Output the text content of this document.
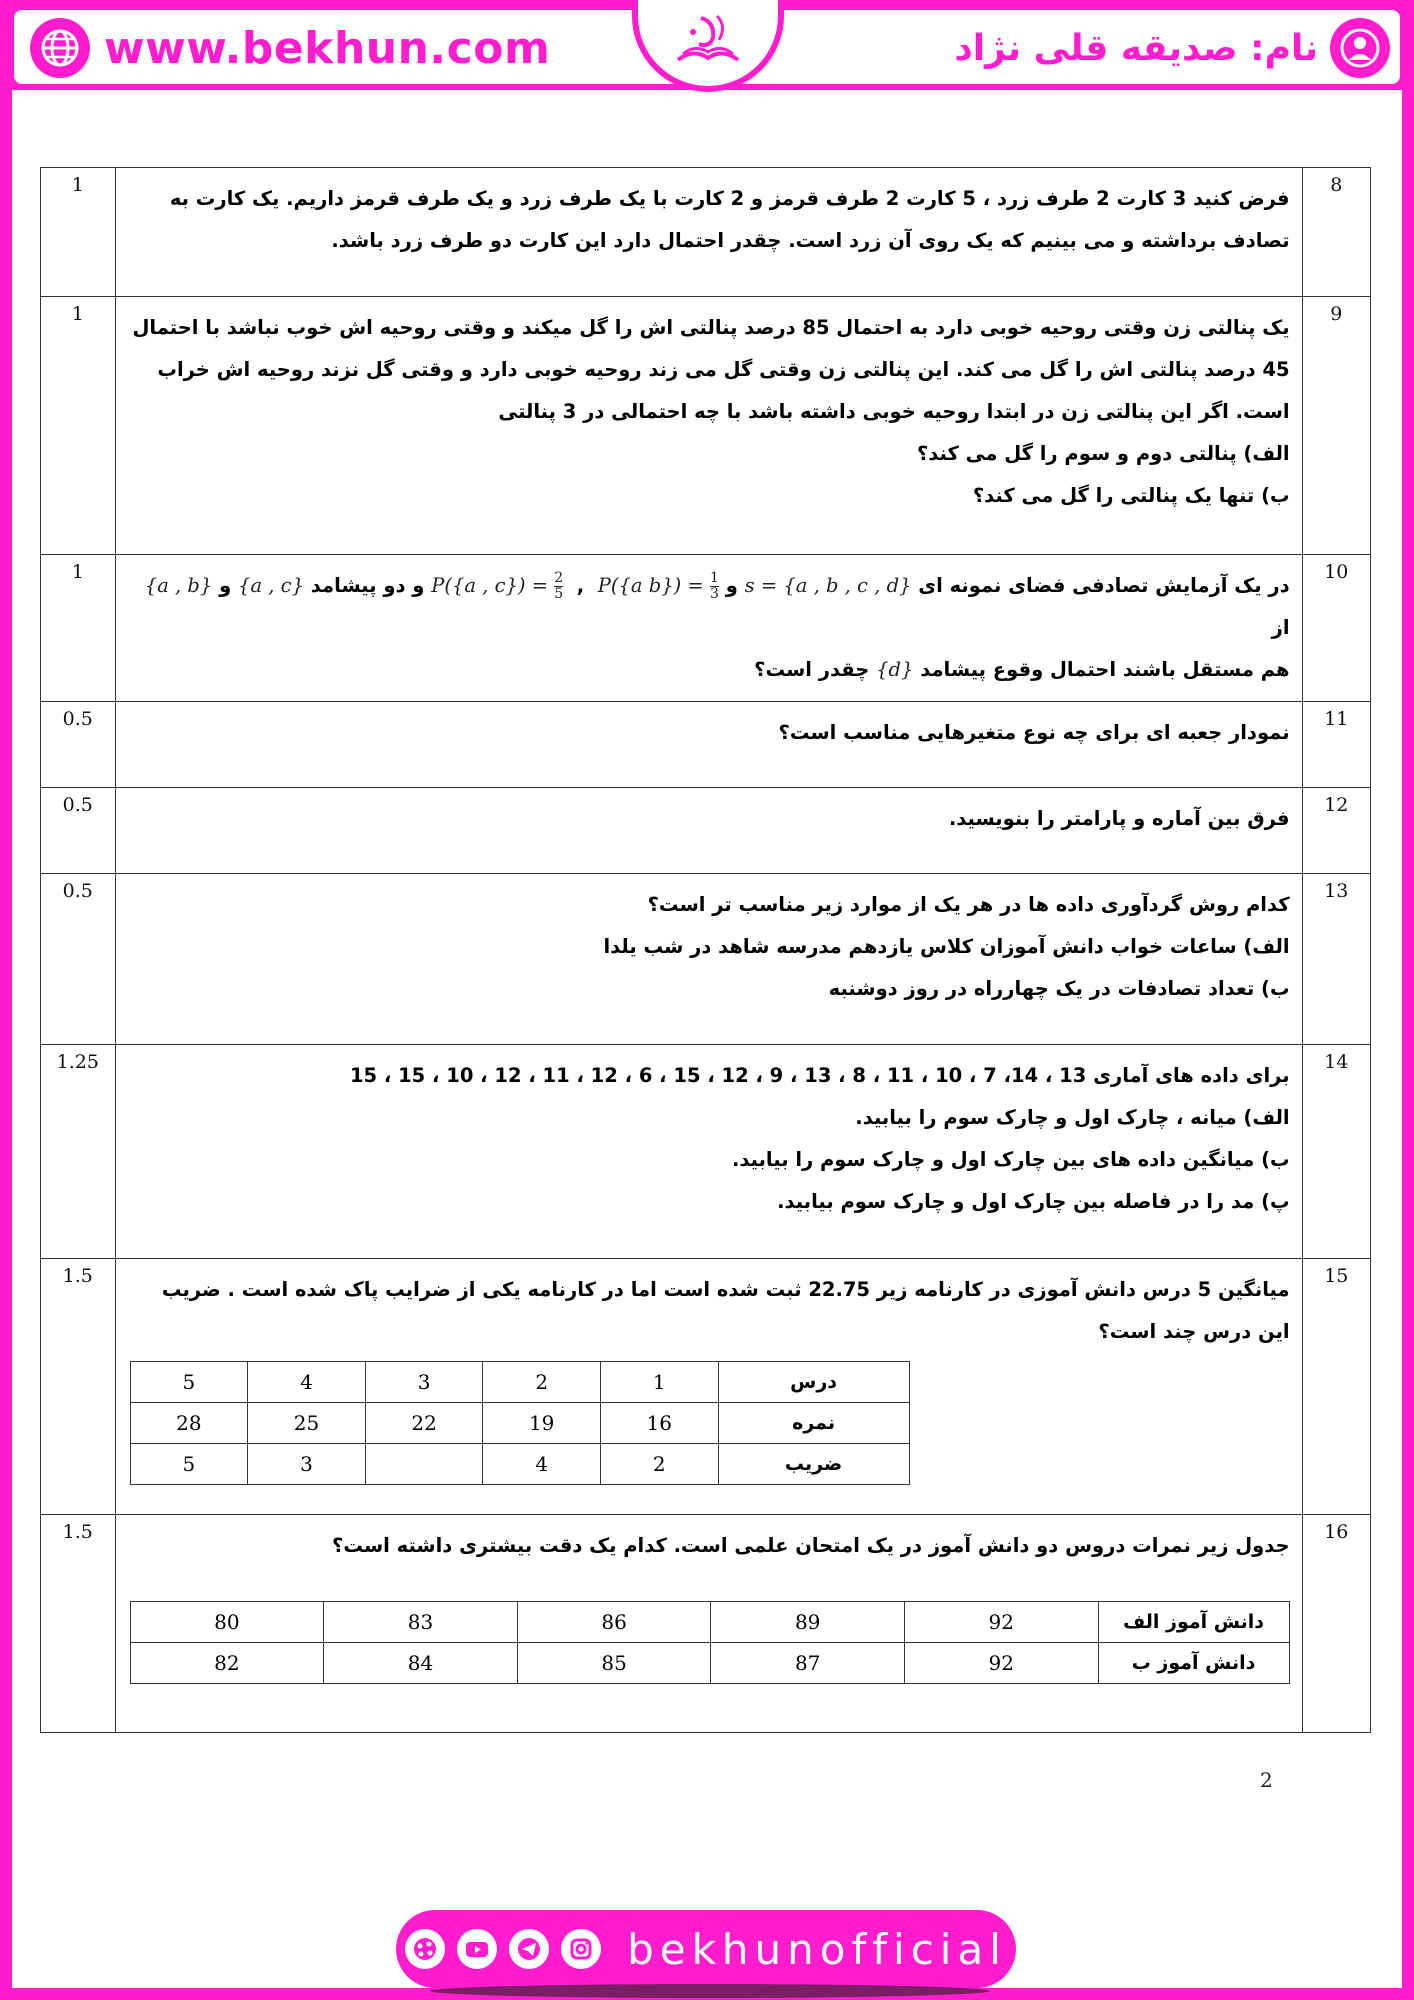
www.bekhun.com	نام: صدیقه قلی نژاد
1	

فرض کنید 3 کارت 2 طرف زرد ، 5 کارت 2 طرف قرمز و 2 کارت با یک طرف زرد و یک طرف قرمز داریم. یک کارت به تصادف برداشته و می بینیم که یک روی آن زرد است. چقدر احتمال دارد این کارت دو طرف زرد باشد.

	8
1	

یک پنالتی زن وقتی روحیه خوبی دارد به احتمال 85 درصد پنالتی اش را گل میکند و وقتی روحیه اش خوب نباشد با احتمال 45 درصد پنالتی اش را گل می کند. این پنالتی زن وقتی گل می زند روحیه خوبی دارد و وقتی گل نزند روحیه اش خراب است. اگر این پنالتی زن در ابتدا روحیه خوبی داشته باشد با چه احتمالی در 3 پنالتی

الف) پنالتی دوم و سوم را گل می کند؟

ب) تنها یک پنالتی را گل می کند؟

	9
1	

در یک آزمایش تصادفی فضای نمونه ای s = {a , b , c , d} و P({a , $c\}) = \frac{2}{5}$ ,  P({a $b\}) = \frac{1}{3}$
و دو پیشامد {a , c} و {a , b} از

هم مستقل باشند احتمال وقوع پیشامد {d} چقدر است؟

	10
0.5	

نمودار جعبه ای برای چه نوع متغیرهایی مناسب است؟

	11
0.5	

فرق بین آماره و پارامتر را بنویسید.

	12
0.5	

کدام روش گردآوری داده ها در هر یک از موارد زیر مناسب تر است؟

الف) ساعات خواب دانش آموزان کلاس یازدهم مدرسه شاهد در شب یلدا

ب) تعداد تصادفات در یک چهارراه در روز دوشنبه

	13
1.25	

برای داده های آماری 13 ، 14، 7 ، 10 ، 11 ، 8 ، 13 ، 9 ، 12 ، 15 ، 6 ، 12 ، 11 ، 12 ، 10 ، 15 ، 15

الف) میانه ، چارک اول و چارک سوم را بیابید.

ب) میانگین داده های بین چارک اول و چارک سوم را بیابید.

پ) مد را در فاصله بین چارک اول و چارک سوم بیابید.

	14
1.5	

میانگین 5 درس دانش آموزی در کارنامه زیر 22.75 ثبت شده است اما در کارنامه یکی از ضرایب پاک شده است . ضریب این درس چند است؟

درس	1	2	3	4	5
نمره	16	19	22	25	28
ضریب	2	4		3	5
	15
1.5	

جدول زیر نمرات دروس دو دانش آموز در یک امتحان علمی است. کدام یک دقت بیشتری داشته است؟

دانش آموز الف	92	89	86	83	80
دانش آموز ب	92	87	85	84	82
	16
2
bekhunofficial
